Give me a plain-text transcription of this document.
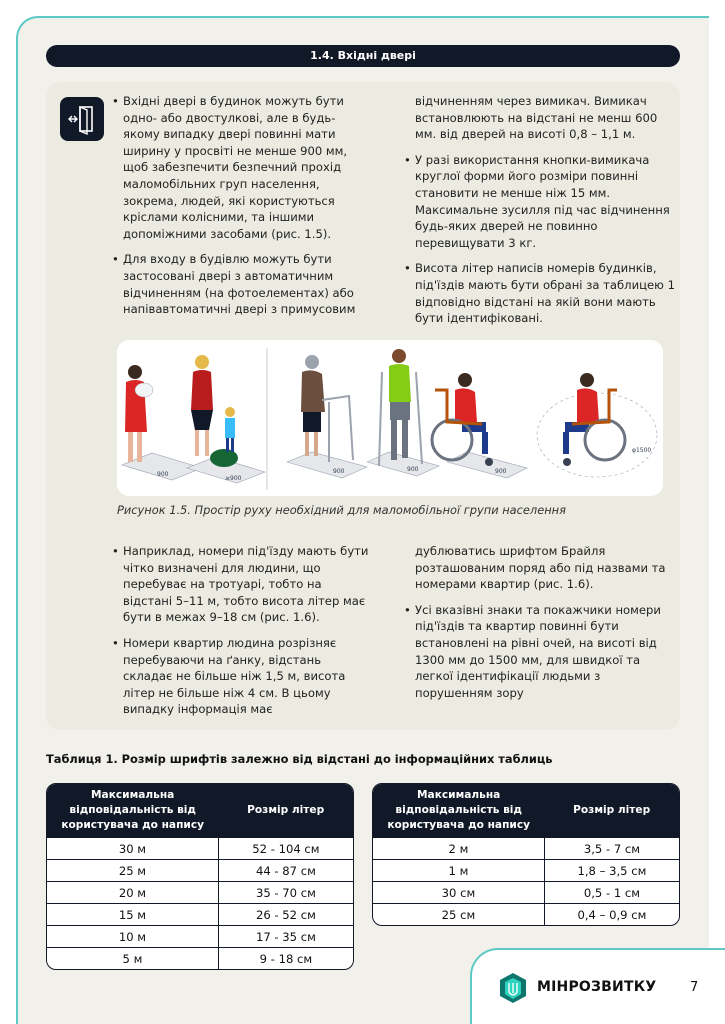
1.4. Вхідні двері

• Вхідні двері в будинок можуть бути одно- або двостулкові, але в будь-якому випадку двері повинні мати ширину у просвіті не менше 900 мм, щоб забезпечити безпечний прохід маломобільних груп населення, зокрема, людей, які користуються кріслами колісними, та іншими допоміжними засобами (рис. 1.5).

• Для входу в будівлю можуть бути застосовані двері з автоматичним відчиненням (на фотоелементах) або напівавтоматичні двері з примусовим

відчиненням через вимикач. Вимикач встановлюють на відстані не менш 600 мм. від дверей на висоті 0,8 – 1,1 м.

• У разі використання кнопки-вимикача круглої форми його розміри повинні становити не менше ніж 15 мм. Максимальне зусилля під час відчинення будь-яких дверей не повинно перевищувати 3 кг.

• Висота літер написів номерів будинків, під'їздів мають бути обрані за таблицею 1 відповідно відстані на якій вони мають бути ідентифіковані.

900
≥900
900	900	900
φ1500
Рисунок 1.5. Простір руху необхідний для маломобільної групи населення

• Наприклад, номери під'їзду мають бути чітко визначені для людини, що перебуває на тротуарі, тобто на відстані 5–11 м, тобто висота літер має бути в межах 9–18 см (рис. 1.6).

• Номери квартир людина розрізняє перебуваючи на ґанку, відстань складає не більше ніж 1,5 м, висота літер не більше ніж 4 см. В цьому випадку інформація має

дублюватись шрифтом Брайля розташованим поряд або під назвами та номерами квартир (рис. 1.6).

• Усі вказівні знаки та покажчики номери під'їздів та квартир повинні бути встановлені на рівні очей, на висоті від 1300 мм до 1500 мм, для швидкої та легкої ідентифікації людьми з порушенням зору

Таблиця 1. Розмір шрифтів залежно від відстані до інформаційних таблиць
Максимальна відповідальність від користувача до напису	Розмір літер
30 м	52 - 104 см
25 м	44 - 87 см
20 м	35 - 70 см
15 м	26 - 52 см
10 м	17 - 35 см
5 м	9 - 18 см
Максимальна відповідальність від користувача до напису	Розмір літер
2 м	3,5 - 7 см
1 м	1,8 – 3,5 см
30 см	0,5 - 1 см
25 см	0,4 – 0,9 см
МІНРОЗВИТКУ	7
